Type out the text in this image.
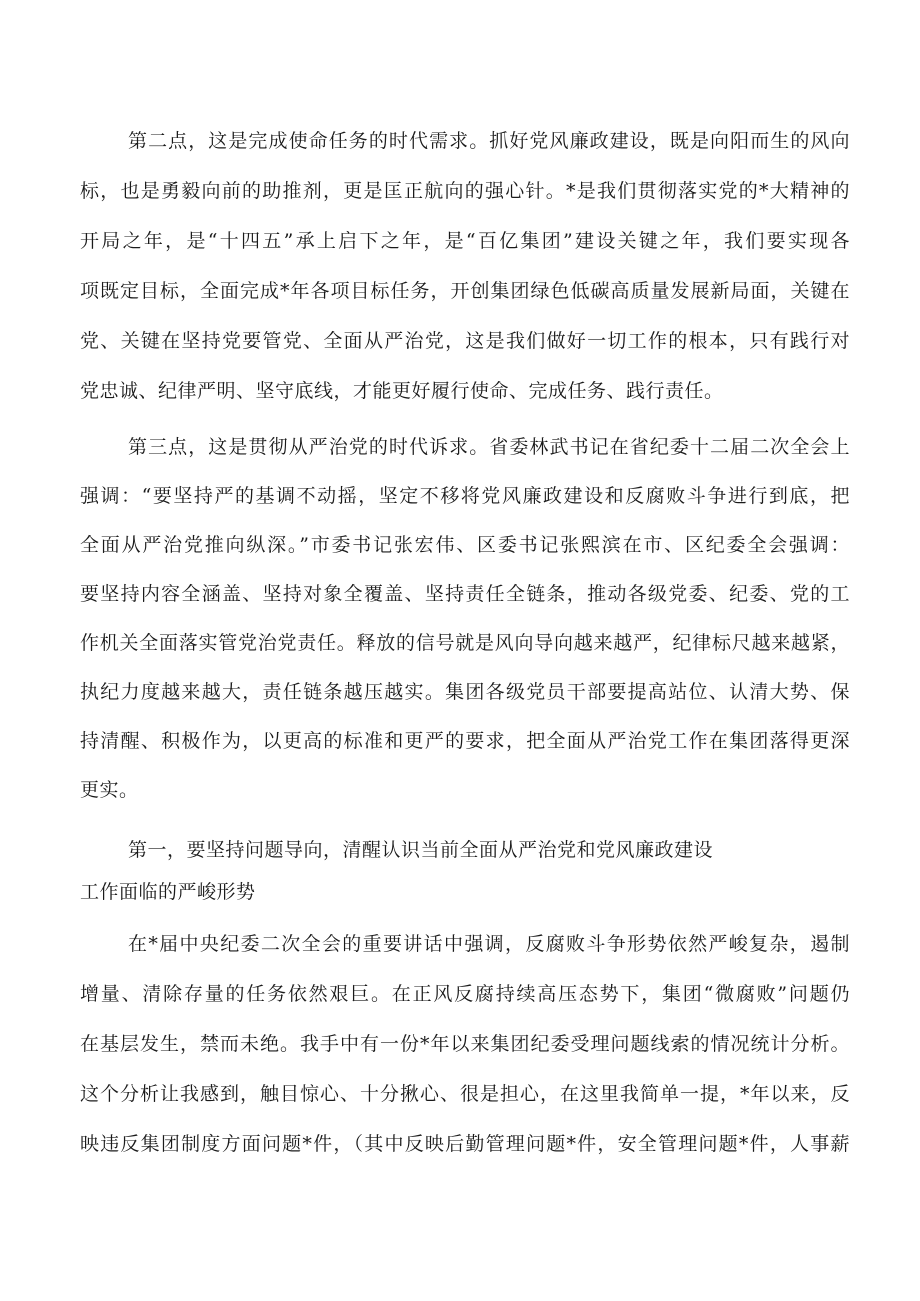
第二点，这是完成使命任务的时代需求。抓好党风廉政建设，既是向阳而生的风向
标，也是勇毅向前的助推剂，更是匡正航向的强心针。*是我们贯彻落实党的*大精神的
开局之年，是“十四五”承上启下之年，是“百亿集团”建设关键之年，我们要实现各
项既定目标，全面完成*年各项目标任务，开创集团绿色低碳高质量发展新局面，关键在
党、关键在坚持党要管党、全面从严治党，这是我们做好一切工作的根本，只有践行对
党忠诚、纪律严明、坚守底线，才能更好履行使命、完成任务、践行责任。
第三点，这是贯彻从严治党的时代诉求。省委林武书记在省纪委十二届二次全会上
强调：“要坚持严的基调不动摇，坚定不移将党风廉政建设和反腐败斗争进行到底，把
全面从严治党推向纵深。”市委书记张宏伟、区委书记张熙滨在市、区纪委全会强调：
要坚持内容全涵盖、坚持对象全覆盖、坚持责任全链条，推动各级党委、纪委、党的工
作机关全面落实管党治党责任。释放的信号就是风向导向越来越严，纪律标尺越来越紧，
执纪力度越来越大，责任链条越压越实。集团各级党员干部要提高站位、认清大势、保
持清醒、积极作为，以更高的标准和更严的要求，把全面从严治党工作在集团落得更深
更实。
第一，要坚持问题导向，清醒认识当前全面从严治党和党风廉政建设
工作面临的严峻形势
在*届中央纪委二次全会的重要讲话中强调，反腐败斗争形势依然严峻复杂，遏制
增量、清除存量的任务依然艰巨。在正风反腐持续高压态势下，集团“微腐败”问题仍
在基层发生，禁而未绝。我手中有一份*年以来集团纪委受理问题线索的情况统计分析。
这个分析让我感到，触目惊心、十分揪心、很是担心，在这里我简单一提，*年以来，反
映违反集团制度方面问题*件，（其中反映后勤管理问题*件，安全管理问题*件，人事薪
